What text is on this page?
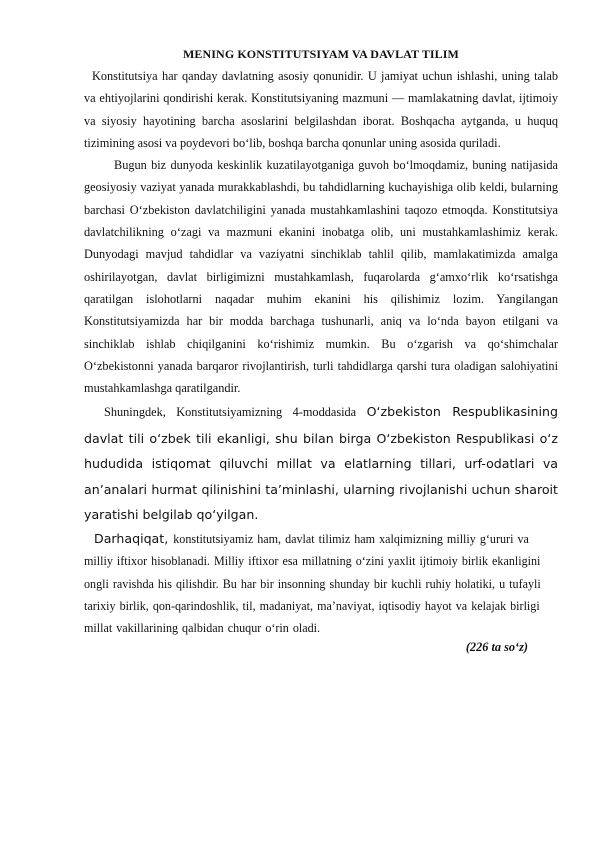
MENING KONSTITUTSIYAM VA DAVLAT TILIM

Konstitutsiya har qanday davlatning asosiy qonunidir. U jamiyat uchun ishlashi, uning talab va ehtiyojlarini qondirishi kerak. Konstitutsiyaning mazmuni — mamlakatning davlat, ijtimoiy va siyosiy hayotining barcha asoslarini belgilashdan iborat. Boshqacha aytganda, u huquq tizimining asosi va poydevori bo‘lib, boshqa barcha qonunlar uning asosida quriladi.

Bugun biz dunyoda keskinlik kuzatilayotganiga guvoh bo‘lmoqdamiz, buning natijasida geosiyosiy vaziyat yanada murakkablashdi, bu tahdidlarning kuchayishiga olib keldi, bularning barchasi O‘zbekiston davlatchiligini yanada mustahkamlashini taqozo etmoqda. Konstitutsiya davlatchilikning o‘zagi va mazmuni ekanini inobatga olib, uni mustahkamlashimiz kerak. Dunyodagi mavjud tahdidlar va vaziyatni sinchiklab tahlil qilib, mamlakatimizda amalga oshirilayotgan, davlat birligimizni mustahkamlash, fuqarolarda g‘amxo‘rlik ko‘rsatishga qaratilgan islohotlarni naqadar muhim ekanini his qilishimiz lozim. Yangilangan Konstitutsiyamizda har bir modda barchaga tushunarli, aniq va lo‘nda bayon etilgani va sinchiklab ishlab chiqilganini ko‘rishimiz mumkin. Bu o‘zgarish va qo‘shimchalar O‘zbekistonni yanada barqaror rivojlantirish, turli tahdidlarga qarshi tura oladigan salohiyatini mustahkamlashga qaratilgandir.

Shuningdek, Konstitutsiyamizning 4-moddasida O‘zbekiston Respublikasining davlat tili o‘zbek tili ekanligi, shu bilan birga O‘zbekiston Respublikasi o‘z hududida istiqomat qiluvchi millat va elatlarning tillari, urf-odatlari va an’analari hurmat qilinishini ta’minlashi, ularning rivojlanishi uchun sharoit yaratishi belgilab qo‘yilgan.

Darhaqiqat, konstitutsiyamiz ham, davlat tilimiz ham xalqimizning milliy g‘ururi va milliy iftixor hisoblanadi. Milliy iftixor esa millatning o‘zini yaxlit ijtimoiy birlik ekanligini ongli ravishda his qilishdir. Bu har bir insonning shunday bir kuchli ruhiy holatiki, u tufayli tarixiy birlik, qon-qarindoshlik, til, madaniyat, ma’naviyat, iqtisodiy hayot va kelajak birligi millat vakillarining qalbidan chuqur o‘rin oladi.

(226 ta so‘z)
